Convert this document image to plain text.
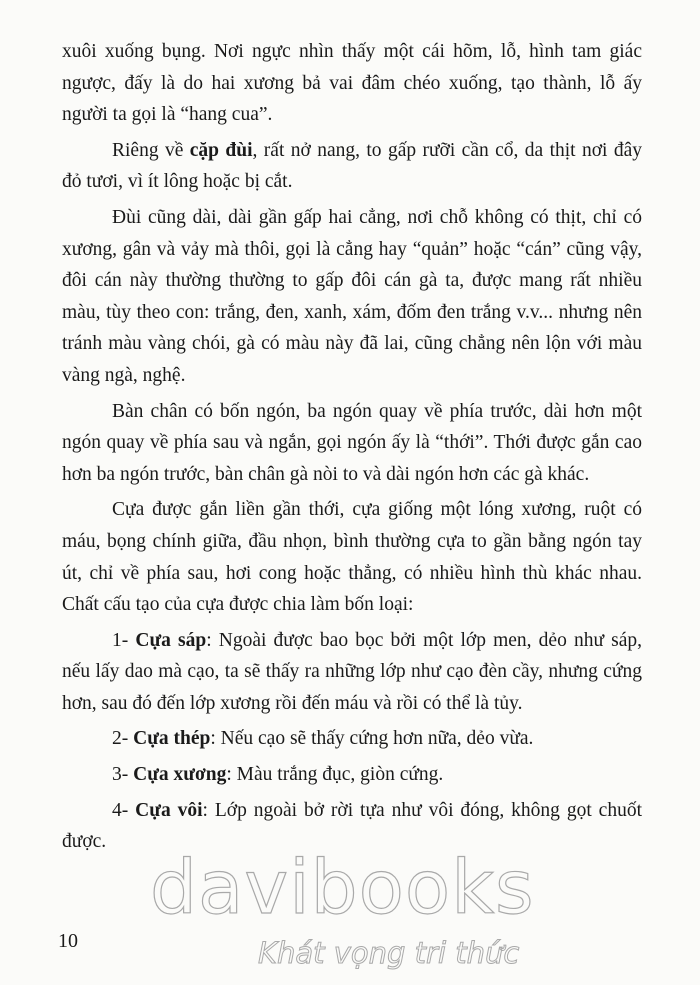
xuôi xuống bụng. Nơi ngực nhìn thấy một cái hõm, lỗ, hình tam giác ngược, đấy là do hai xương bả vai đâm chéo xuống, tạo thành, lỗ ấy người ta gọi là “hang cua”.

Riêng về cặp đùi, rất nở nang, to gấp rưỡi cần cổ, da thịt nơi đây đỏ tươi, vì ít lông hoặc bị cắt.

Đùi cũng dài, dài gần gấp hai cẳng, nơi chỗ không có thịt, chỉ có xương, gân và vảy mà thôi, gọi là cẳng hay “quản” hoặc “cán” cũng vậy, đôi cán này thường thường to gấp đôi cán gà ta, được mang rất nhiều màu, tùy theo con: trắng, đen, xanh, xám, đốm đen trắng v.v... nhưng nên tránh màu vàng chói, gà có màu này đã lai, cũng chẳng nên lộn với màu vàng ngà, nghệ.

Bàn chân có bốn ngón, ba ngón quay về phía trước, dài hơn một ngón quay về phía sau và ngắn, gọi ngón ấy là “thới”. Thới được gắn cao hơn ba ngón trước, bàn chân gà nòi to và dài ngón hơn các gà khác.

Cựa được gắn liền gần thới, cựa giống một lóng xương, ruột có máu, bọng chính giữa, đầu nhọn, bình thường cựa to gần bằng ngón tay út, chỉ về phía sau, hơi cong hoặc thẳng, có nhiều hình thù khác nhau. Chất cấu tạo của cựa được chia làm bốn loại:

1- Cựa sáp: Ngoài được bao bọc bởi một lớp men, dẻo như sáp, nếu lấy dao mà cạo, ta sẽ thấy ra những lớp như cạo đèn cầy, nhưng cứng hơn, sau đó đến lớp xương rồi đến máu và rồi có thể là tủy.

2- Cựa thép: Nếu cạo sẽ thấy cứng hơn nữa, dẻo vừa.

3- Cựa xương: Màu trắng đục, giòn cứng.

4- Cựa vôi: Lớp ngoài bở rời tựa như vôi đóng, không gọt chuốt được.

davibooks
Khát vọng tri thức
10
